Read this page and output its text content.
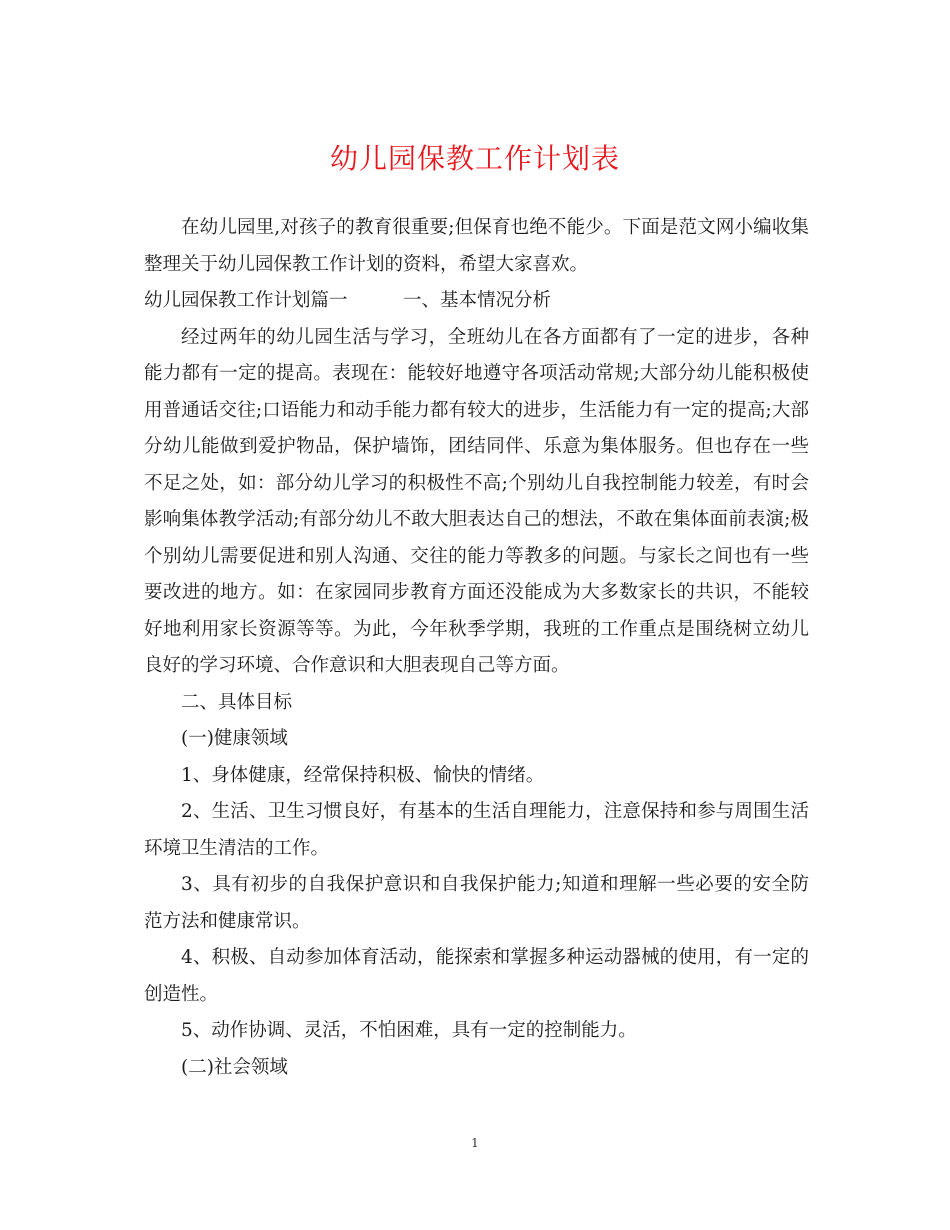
幼儿园保教工作计划表

在幼儿园里,对孩子的教育很重要;但保育也绝不能少。下面是范文网小编收集整理关于幼儿园保教工作计划的资料，希望大家喜欢。

幼儿园保教工作计划篇一　　　一、基本情况分析

经过两年的幼儿园生活与学习，全班幼儿在各方面都有了一定的进步，各种能力都有一定的提高。表现在：能较好地遵守各项活动常规;大部分幼儿能积极使用普通话交往;口语能力和动手能力都有较大的进步，生活能力有一定的提高;大部分幼儿能做到爱护物品，保护墙饰，团结同伴、乐意为集体服务。但也存在一些不足之处，如：部分幼儿学习的积极性不高;个别幼儿自我控制能力较差，有时会影响集体教学活动;有部分幼儿不敢大胆表达自己的想法，不敢在集体面前表演;极个别幼儿需要促进和别人沟通、交往的能力等教多的问题。与家长之间也有一些要改进的地方。如：在家园同步教育方面还没能成为大多数家长的共识，不能较好地利用家长资源等等。为此，今年秋季学期，我班的工作重点是围绕树立幼儿良好的学习环境、合作意识和大胆表现自己等方面。

二、具体目标

(一)健康领域

1、身体健康，经常保持积极、愉快的情绪。

2、生活、卫生习惯良好，有基本的生活自理能力，注意保持和参与周围生活环境卫生清洁的工作。

3、具有初步的自我保护意识和自我保护能力;知道和理解一些必要的安全防范方法和健康常识。

4、积极、自动参加体育活动，能探索和掌握多种运动器械的使用，有一定的创造性。

5、动作协调、灵活，不怕困难，具有一定的控制能力。

(二)社会领域

1
